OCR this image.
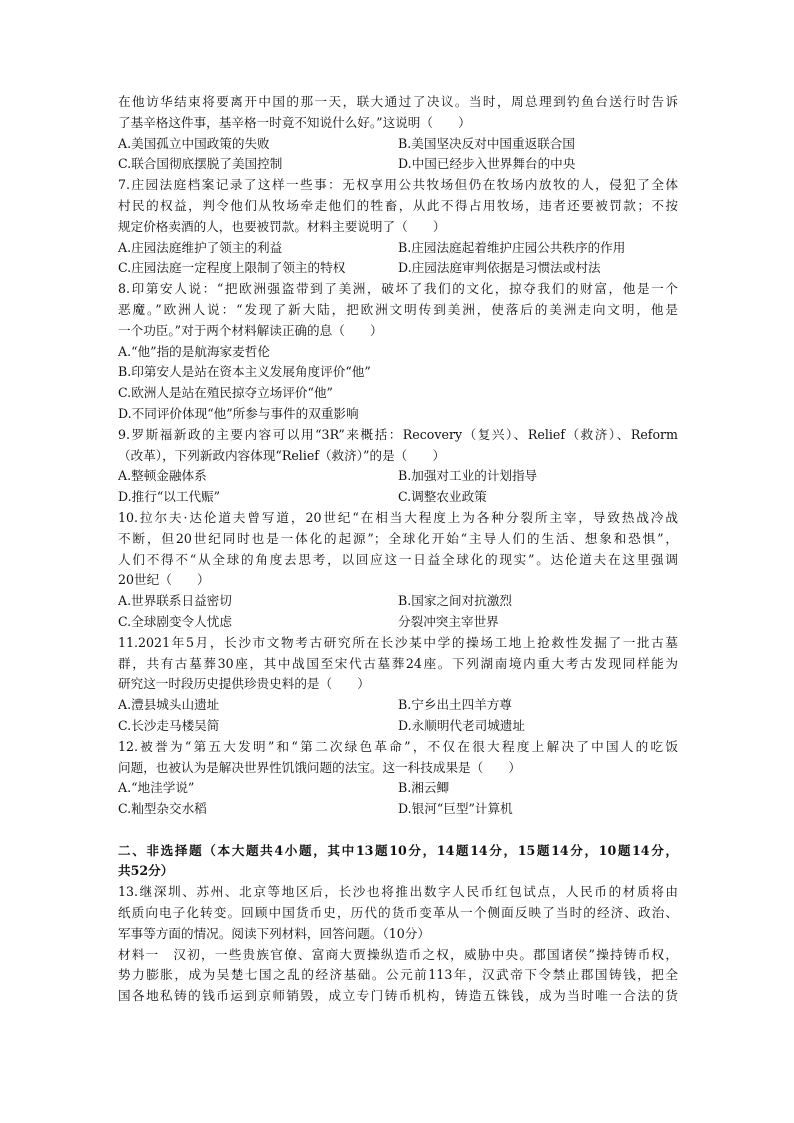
在他访华结束将要离开中国的那一天，联大通过了决议。当时，周总理到钓鱼台送行时告诉
了基辛格这件事，基辛格一时竟不知说什么好。”这说明（　　）
A.美国孤立中国政策的失败	B.美国坚决反对中国重返联合国
C.联合国彻底摆脱了美国控制	D.中国已经步入世界舞台的中央
7.庄园法庭档案记录了这样一些事：无权享用公共牧场但仍在牧场内放牧的人，侵犯了全体
村民的权益，判令他们从牧场牵走他们的牲畜，从此不得占用牧场，违者还要被罚款；不按
规定价格卖酒的人，也要被罚款。材料主要说明了（　　）
A.庄园法庭维护了领主的利益	B.庄园法庭起着维护庄园公共秩序的作用
C.庄园法庭一定程度上限制了领主的特权	D.庄园法庭审判依据是习惯法或村法
8.印第安人说：“把欧洲强盗带到了美洲，破坏了我们的文化，掠夺我们的财富，他是一个
恶魔。”欧洲人说：“发现了新大陆，把欧洲文明传到美洲，使落后的美洲走向文明，他是
一个功臣。”对于两个材料解读正确的息（　　）
A.“他”指的是航海家麦哲伦
B.印第安人是站在资本主义发展角度评价“他”
C.欧洲人是站在殖民掠夺立场评价“他”
D.不同评价体现“他”所参与事件的双重影响
9.罗斯福新政的主要内容可以用“3R”来概括：Recovery（复兴）、Relief（救济）、Reform
（改革），下列新政内容体现“Relief（救济）”的是（　　）
A.整顿金融体系	B.加强对工业的计划指导
D.推行“以工代赈”	C.调整农业政策
10.拉尔夫·达伦道夫曾写道，20世纪“在相当大程度上为各种分裂所主宰，导致热战冷战
不断，但20世纪同时也是一体化的起源”；全球化开始“主导人们的生活、想象和恐惧”，
人们不得不“从全球的角度去思考，以回应这一日益全球化的现实”。达伦道夫在这里强调
20世纪（　　）
A.世界联系日益密切	B.国家之间对抗激烈
C.全球剧变令人忧虑	分裂冲突主宰世界
11.2021年5月，长沙市文物考古研究所在长沙某中学的操场工地上抢救性发掘了一批古墓
群，共有古墓葬30座，其中战国至宋代古墓葬24座。下列湖南境内重大考古发现同样能为
研究这一时段历史提供珍贵史料的是（　　）
A.澧县城头山遗址	B.宁乡出土四羊方尊
C.长沙走马楼吴简	D.永顺明代老司城遗址
12.被誉为“第五大发明”和“第二次绿色革命”，不仅在很大程度上解决了中国人的吃饭
问题，也被认为是解决世界性饥饿问题的法宝。这一科技成果是（　　）
A.“地洼学说”	B.湘云鲫
C.籼型杂交水稻	D.银河“巨型”计算机
二、非选择题（本大题共4小题，其中13题10分，14题14分，15题14分，10题14分，
共52分）
13.继深圳、苏州、北京等地区后，长沙也将推出数字人民币红包试点，人民币的材质将由
纸质向电子化转变。回顾中国货币史，历代的货币变革从一个侧面反映了当时的经济、政治、
军事等方面的情况。阅读下列材料，回答问题。（10分）
材料一　汉初，一些贵族官僚、富商大贾操纵造币之权，威胁中央。郡国诸侯”操持铸币权，
势力膨胀，成为吴楚七国之乱的经济基础。公元前113年，汉武帝下令禁止郡国铸钱，把全
国各地私铸的钱币运到京师销毁，成立专门铸币机构，铸造五铢钱，成为当时唯一合法的货
